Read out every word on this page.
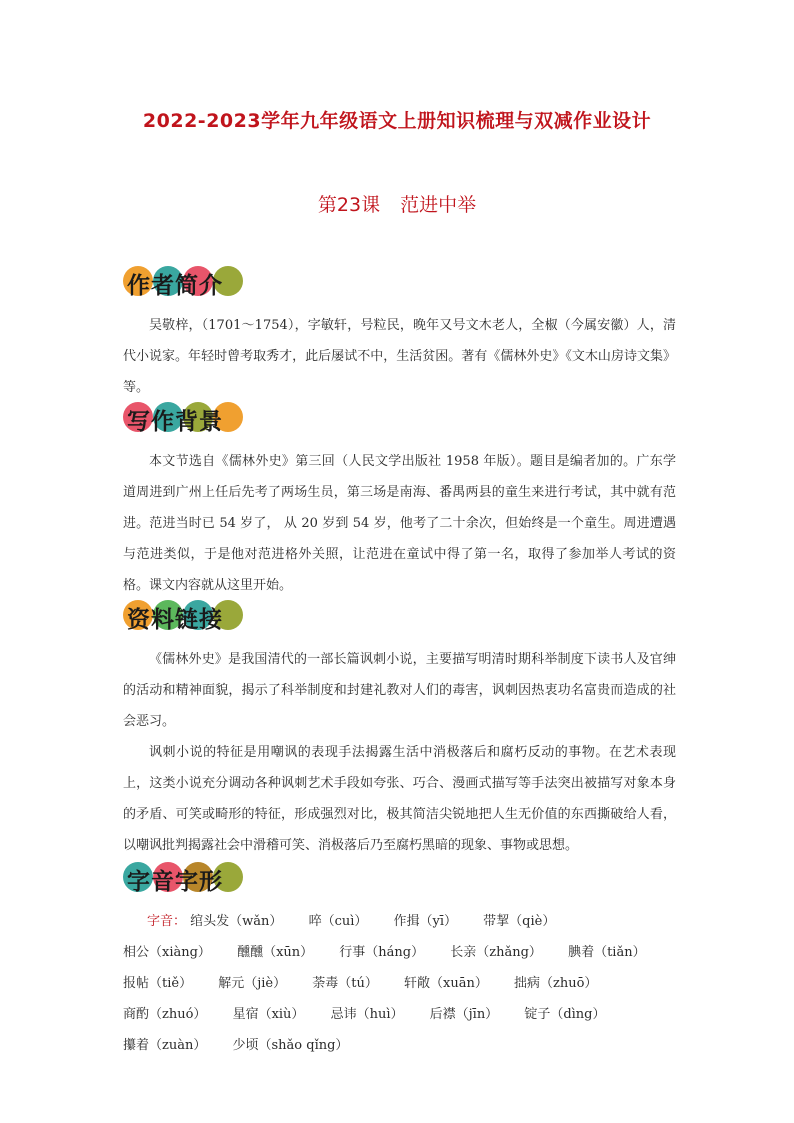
2022-2023学年九年级语文上册知识梳理与双减作业设计
第23课 范进中举
作者简介

吴敬梓，（1701～1754），字敏轩，号粒民，晚年又号文木老人，全椒（今属安徽）人，清代小说家。年轻时曾考取秀才，此后屡试不中，生活贫困。著有《儒林外史》《文木山房诗文集》等。

写作背景

本文节选自《儒林外史》第三回（人民文学出版社 1958 年版）。题目是编者加的。广东学道周进到广州上任后先考了两场生员，第三场是南海、番禺两县的童生来进行考试，其中就有范进。范进当时已 54 岁了， 从 20 岁到 54 岁，他考了二十余次，但始终是一个童生。周进遭遇与范进类似，于是他对范进格外关照，让范进在童试中得了第一名，取得了参加举人考试的资格。课文内容就从这里开始。

资料链接

《儒林外史》是我国清代的一部长篇讽刺小说，主要描写明清时期科举制度下读书人及官绅的活动和精神面貌，揭示了科举制度和封建礼教对人们的毒害，讽刺因热衷功名富贵而造成的社会恶习。

讽刺小说的特征是用嘲讽的表现手法揭露生活中消极落后和腐朽反动的事物。在艺术表现上，这类小说充分调动各种讽刺艺术手段如夸张、巧合、漫画式描写等手法突出被描写对象本身的矛盾、可笑或畸形的特征，形成强烈对比，极其简洁尖锐地把人生无价值的东西撕破给人看，以嘲讽批判揭露社会中滑稽可笑、消极落后乃至腐朽黑暗的现象、事物或思想。

字音字形
字音： 绾头发（wǎn） 啐（cuì） 作揖（yī） 带挈（qiè） 相公（xiàng） 醺醺（xūn） 行事（háng） 长亲（zhǎng） 腆着（tiǎn） 报帖（tiě） 解元（jiè） 荼毒（tú） 轩敞（xuān） 拙病（zhuō） 商酌（zhuó） 星宿（xiù） 忌讳（huì） 后襟（jīn） 锭子（dìng） 攥着（zuàn） 少顷（shǎo qǐng）
